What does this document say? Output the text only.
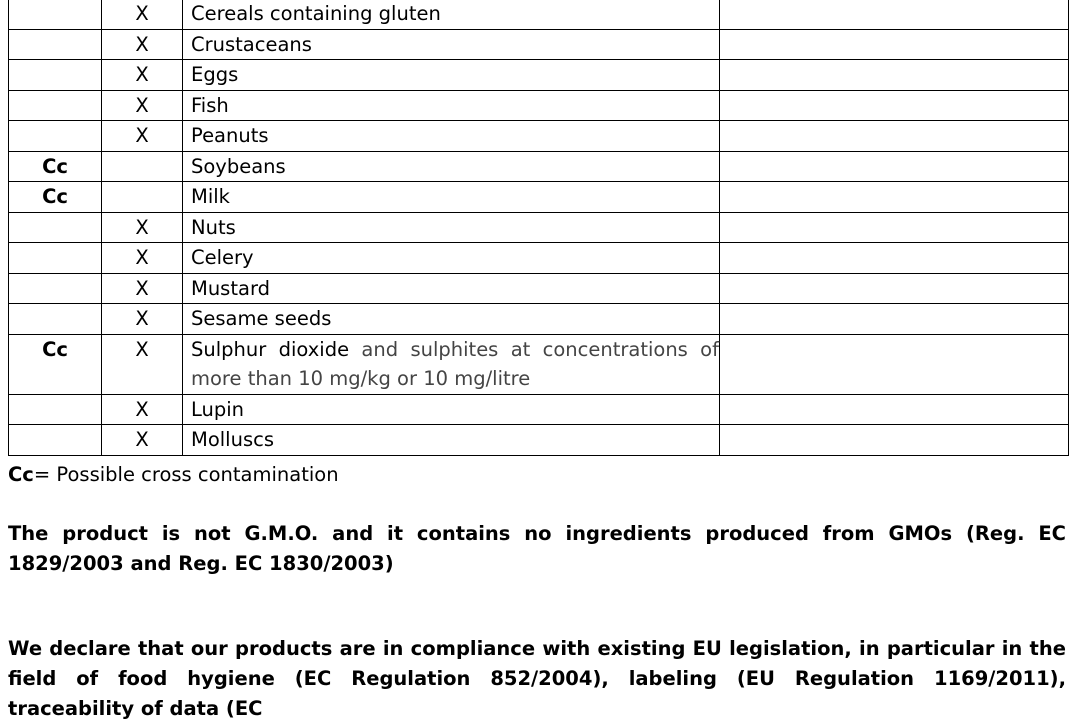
	X	Cereals containing gluten	
	X	Crustaceans	
	X	Eggs	
	X	Fish	
	X	Peanuts	
Cc		Soybeans	
Cc		Milk	
	X	Nuts	
	X	Celery	
	X	Mustard	
	X	Sesame seeds	
Cc	X	Sulphur dioxide and sulphites at concentrations of more than 10 mg/kg or 10 mg/litre	
	X	Lupin	
	X	Molluscs	
Cc= Possible cross contamination

The product is not G.M.O. and it contains no ingredients produced from GMOs (Reg. EC 1829/2003 and Reg. EC 1830/2003)

We declare that our products are in compliance with existing EU legislation, in particular in the field of food hygiene (EC Regulation 852/2004), labeling (EU Regulation 1169/2011), traceability of data (EC
